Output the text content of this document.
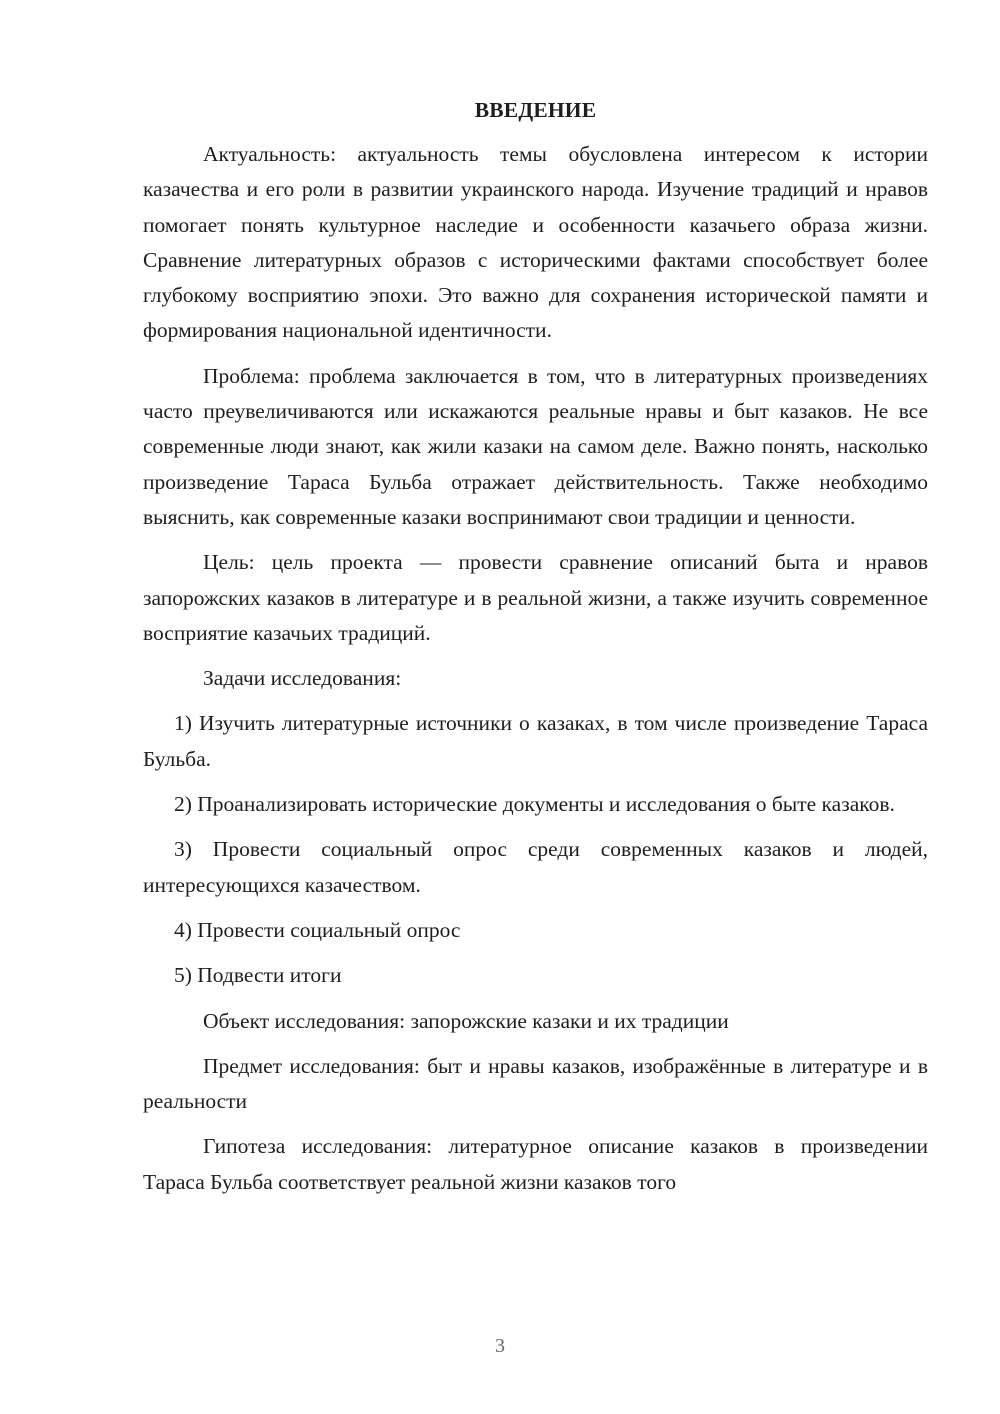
ВВЕДЕНИЕ

Актуальность: актуальность темы обусловлена интересом к истории казачества и его роли в развитии украинского народа. Изучение традиций и нравов помогает понять культурное наследие и особенности казачьего образа жизни. Сравнение литературных образов с историческими фактами способствует более глубокому восприятию эпохи. Это важно для сохранения исторической памяти и формирования национальной идентичности.

Проблема: проблема заключается в том, что в литературных произведениях часто преувеличиваются или искажаются реальные нравы и быт казаков. Не все современные люди знают, как жили казаки на самом деле. Важно понять, насколько произведение Тараса Бульба отражает действительность. Также необходимо выяснить, как современные казаки воспринимают свои традиции и ценности.

Цель: цель проекта — провести сравнение описаний быта и нравов запорожских казаков в литературе и в реальной жизни, а также изучить современное восприятие казачьих традиций.

Задачи исследования:

1) Изучить литературные источники о казаках, в том числе произведение Тараса Бульба.

2) Проанализировать исторические документы и исследования о быте казаков.

3) Провести социальный опрос среди современных казаков и людей, интересующихся казачеством.

4) Провести социальный опрос

5) Подвести итоги

Объект исследования: запорожские казаки и их традиции

Предмет исследования: быт и нравы казаков, изображённые в литературе и в реальности

Гипотеза исследования: литературное описание казаков в произведении Тараса Бульба соответствует реальной жизни казаков того

3
